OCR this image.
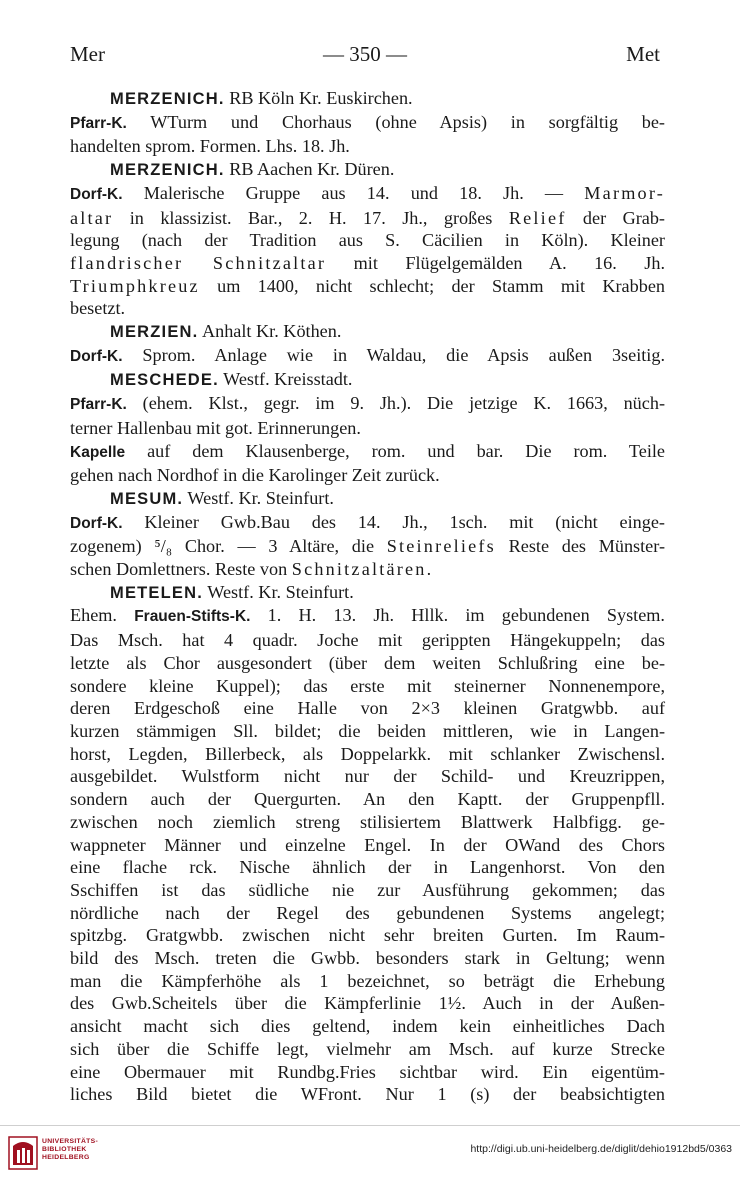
Mer	— 350 —	Met
MERZENICH. RB Köln Kr. Euskirchen.
Pfarr-K. WTurm und Chorhaus (ohne Apsis) in sorgfältig be-
handelten sprom. Formen. Lhs. 18. Jh.
MERZENICH. RB Aachen Kr. Düren.
Dorf-K. Malerische Gruppe aus 14. und 18. Jh. — Marmor-
altar in klassizist. Bar., 2. H. 17. Jh., großes Relief der Grab-
legung (nach der Tradition aus S. Cäcilien in Köln). Kleiner
flandrischer Schnitzaltar mit Flügelgemälden A. 16. Jh.
Triumphkreuz um 1400, nicht schlecht; der Stamm mit Krabben
besetzt.
MERZIEN. Anhalt Kr. Köthen.
Dorf-K. Sprom. Anlage wie in Waldau, die Apsis außen 3seitig.
MESCHEDE. Westf. Kreisstadt.
Pfarr-K. (ehem. Klst., gegr. im 9. Jh.). Die jetzige K. 1663, nüch-
terner Hallenbau mit got. Erinnerungen.
Kapelle auf dem Klausenberge, rom. und bar. Die rom. Teile
gehen nach Nordhof in die Karolinger Zeit zurück.
MESUM. Westf. Kr. Steinfurt.
Dorf-K. Kleiner Gwb.Bau des 14. Jh., 1sch. mit (nicht einge-
zogenem) ⁵/₈ Chor. — 3 Altäre, die Steinreliefs Reste des Münster-
schen Domlettners. Reste von Schnitzaltären.
METELEN. Westf. Kr. Steinfurt.
Ehem. Frauen-Stifts-K. 1. H. 13. Jh. Hllk. im gebundenen System.
Das Msch. hat 4 quadr. Joche mit gerippten Hängekuppeln; das
letzte als Chor ausgesondert (über dem weiten Schlußring eine be-
sondere kleine Kuppel); das erste mit steinerner Nonnenempore,
deren Erdgeschoß eine Halle von 2×3 kleinen Gratgwbb. auf
kurzen stämmigen Sll. bildet; die beiden mittleren, wie in Langen-
horst, Legden, Billerbeck, als Doppelarkk. mit schlanker Zwischensl.
ausgebildet. Wulstform nicht nur der Schild- und Kreuzrippen,
sondern auch der Quergurten. An den Kaptt. der Gruppenpfll.
zwischen noch ziemlich streng stilisiertem Blattwerk Halbfigg. ge-
wappneter Männer und einzelne Engel. In der OWand des Chors
eine flache rck. Nische ähnlich der in Langenhorst. Von den
Sschiffen ist das südliche nie zur Ausführung gekommen; das
nördliche nach der Regel des gebundenen Systems angelegt;
spitzbg. Gratgwbb. zwischen nicht sehr breiten Gurten. Im Raum-
bild des Msch. treten die Gwbb. besonders stark in Geltung; wenn
man die Kämpferhöhe als 1 bezeichnet, so beträgt die Erhebung
des Gwb.Scheitels über die Kämpferlinie 1½. Auch in der Außen-
ansicht macht sich dies geltend, indem kein einheitliches Dach
sich über die Schiffe legt, vielmehr am Msch. auf kurze Strecke
eine Obermauer mit Rundbg.Fries sichtbar wird. Ein eigentüm-
liches Bild bietet die WFront. Nur 1 (s) der beabsichtigten
UNIVERSITÄTS-
BIBLIOTHEK
HEIDELBERG
http://digi.ub.uni-heidelberg.de/diglit/dehio1912bd5/0363
